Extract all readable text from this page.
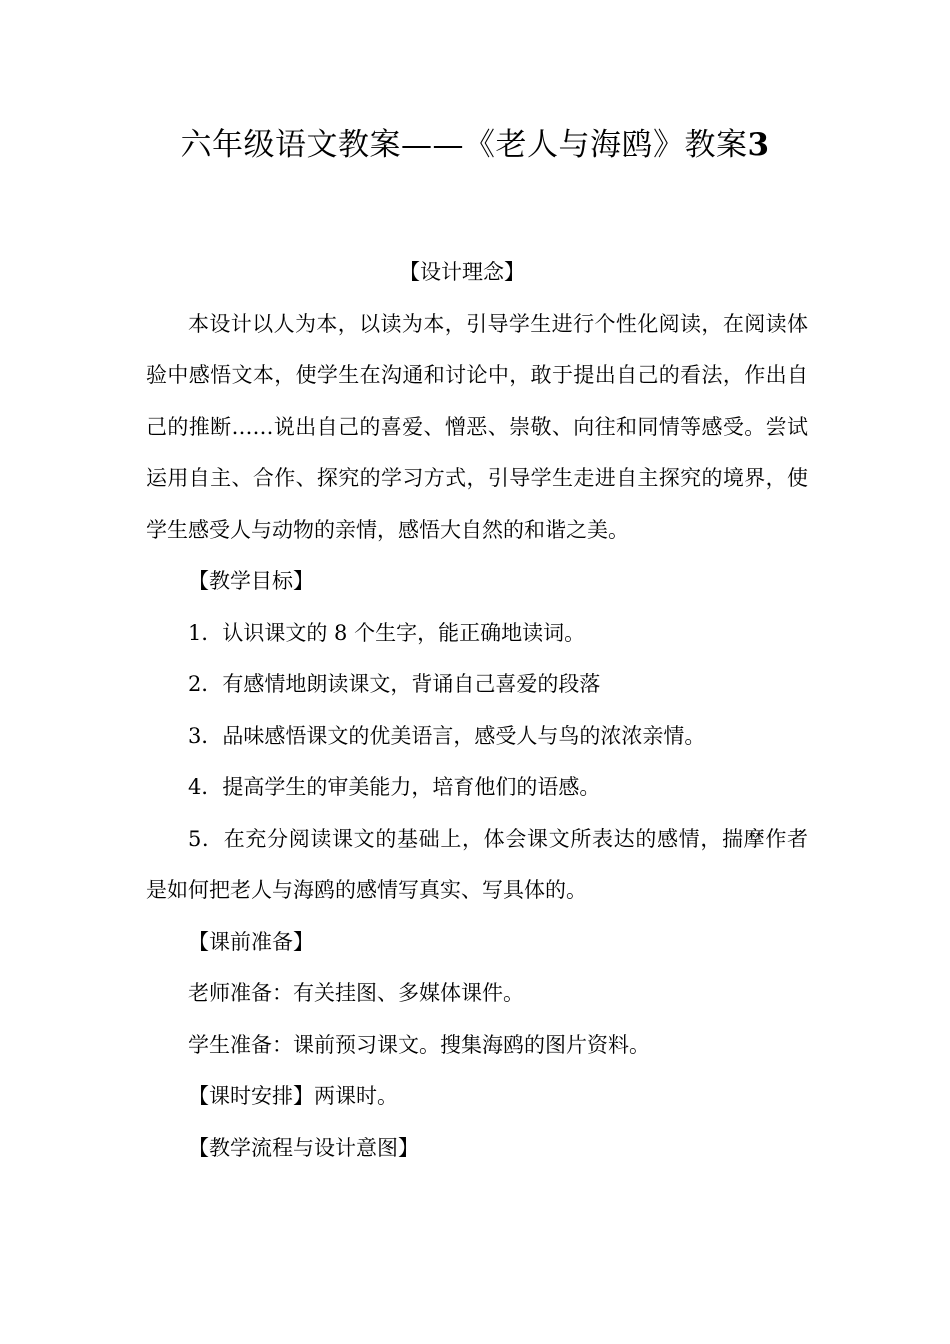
六年级语文教案——《老人与海鸥》教案3

【设计理念】

本设计以人为本，以读为本，引导学生进行个性化阅读，在阅读体验中感悟文本，使学生在沟通和讨论中，敢于提出自己的看法，作出自己的推断……说出自己的喜爱、憎恶、崇敬、向往和同情等感受。尝试运用自主、合作、探究的学习方式，引导学生走进自主探究的境界，使学生感受人与动物的亲情，感悟大自然的和谐之美。

【教学目标】

1．认识课文的 8 个生字，能正确地读词。

2．有感情地朗读课文，背诵自己喜爱的段落

3．品味感悟课文的优美语言，感受人与鸟的浓浓亲情。

4．提高学生的审美能力，培育他们的语感。

5．在充分阅读课文的基础上，体会课文所表达的感情，揣摩作者是如何把老人与海鸥的感情写真实、写具体的。

【课前准备】

老师准备：有关挂图、多媒体课件。

学生准备：课前预习课文。搜集海鸥的图片资料。

【课时安排】两课时。

【教学流程与设计意图】
